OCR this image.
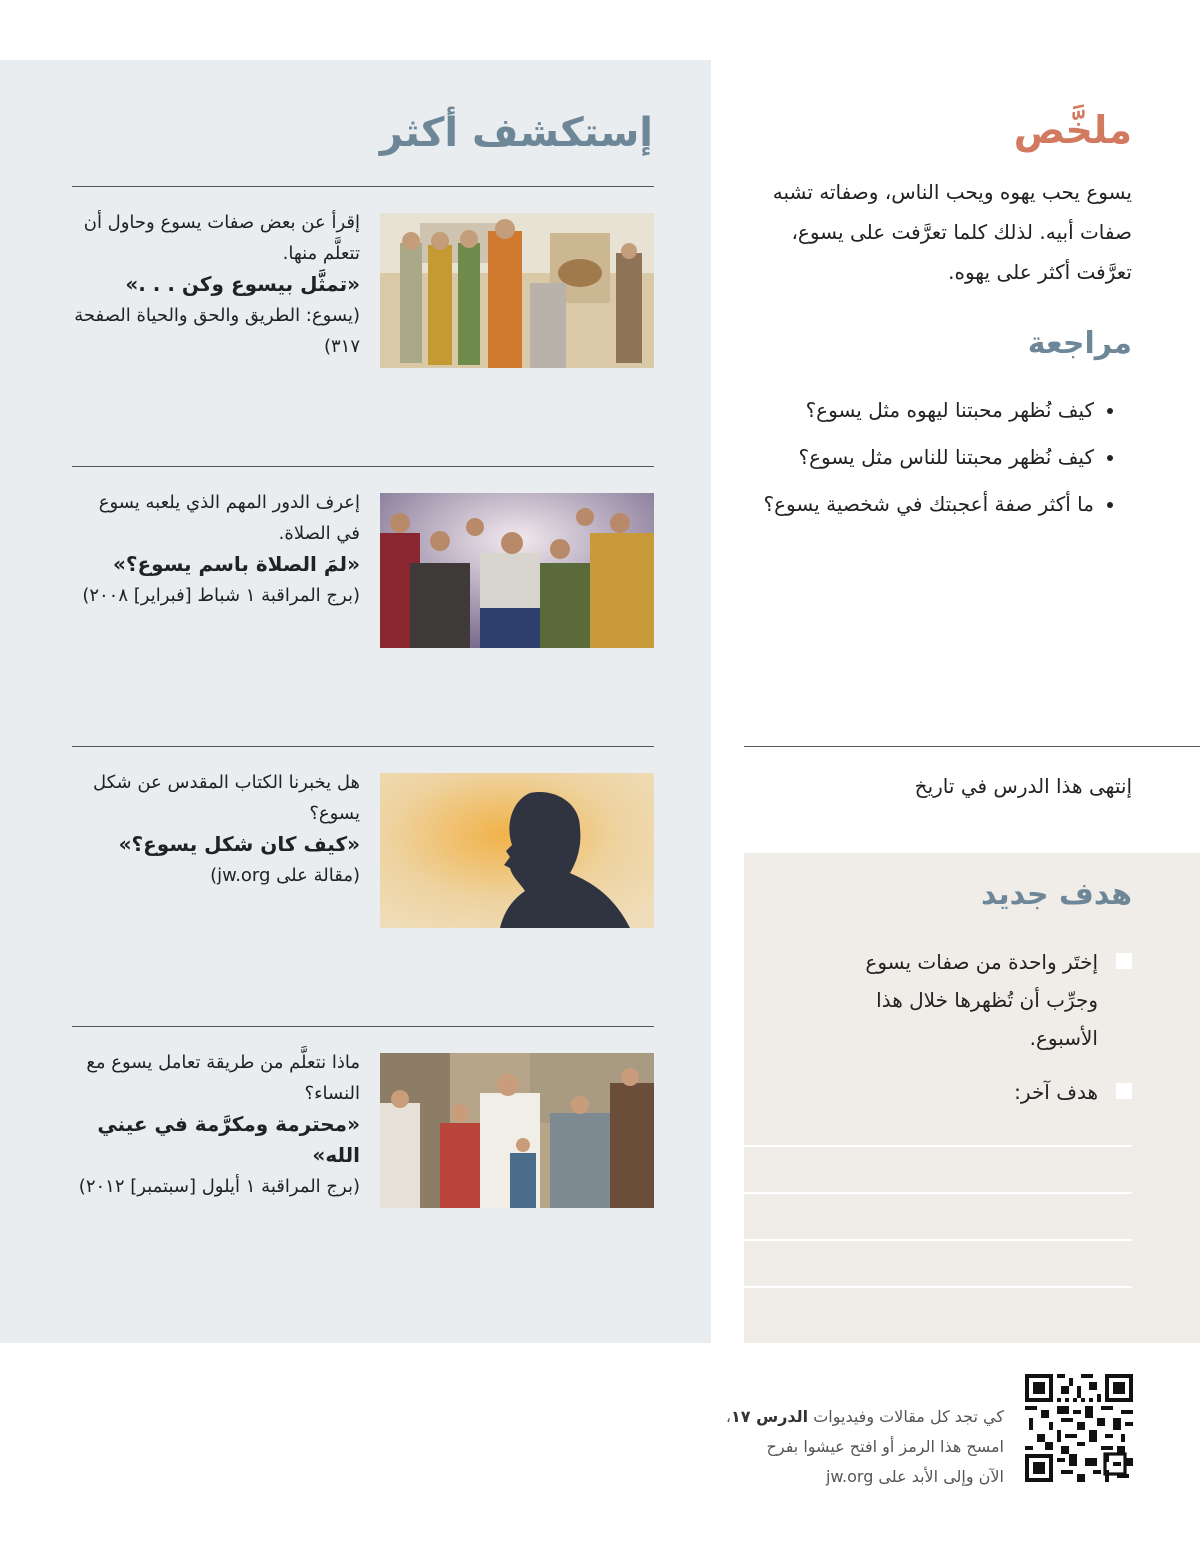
ملخَّص

يسوع يحب يهوه ويحب الناس، وصفاته تشبه صفات أبيه. لذلك كلما تعرَّفت على يسوع، تعرَّفت أكثر على يهوه.

مراجعة
• كيف نُظهر محبتنا ليهوه مثل يسوع؟
• كيف نُظهر محبتنا للناس مثل يسوع؟
• ما أكثر صفة أعجبتك في شخصية يسوع؟

إنتهى هذا الدرس في تاريخ

هدف جديد
إختَر واحدة من صفات يسوع وجرِّب أن تُظهرها خلال هذا الأسبوع.
هدف آخر:
إستكشف أكثر
إقرأ عن بعض صفات يسوع وحاول أن تتعلَّم منها.
«تمثَّل بيسوع وكن . . .»
(يسوع: الطريق والحق والحياة الصفحة ٣١٧)
إعرف الدور المهم الذي يلعبه يسوع في الصلاة.
«لمَ الصلاة باسم يسوع؟»
(برج المراقبة ١ شباط [فبراير] ٢٠٠٨)
هل يخبرنا الكتاب المقدس عن شكل يسوع؟
«كيف كان شكل يسوع؟»
(مقالة على jw.org)
ماذا نتعلَّم من طريقة تعامل يسوع مع النساء؟
«محترمة ومكرَّمة في عيني الله»
(برج المراقبة ١ أيلول [سبتمبر] ٢٠١٢)

كي تجد كل مقالات وفيديوات الدرس ١٧،
امسح هذا الرمز أو افتح عيشوا بفرح
الآن وإلى الأبد على jw.org
